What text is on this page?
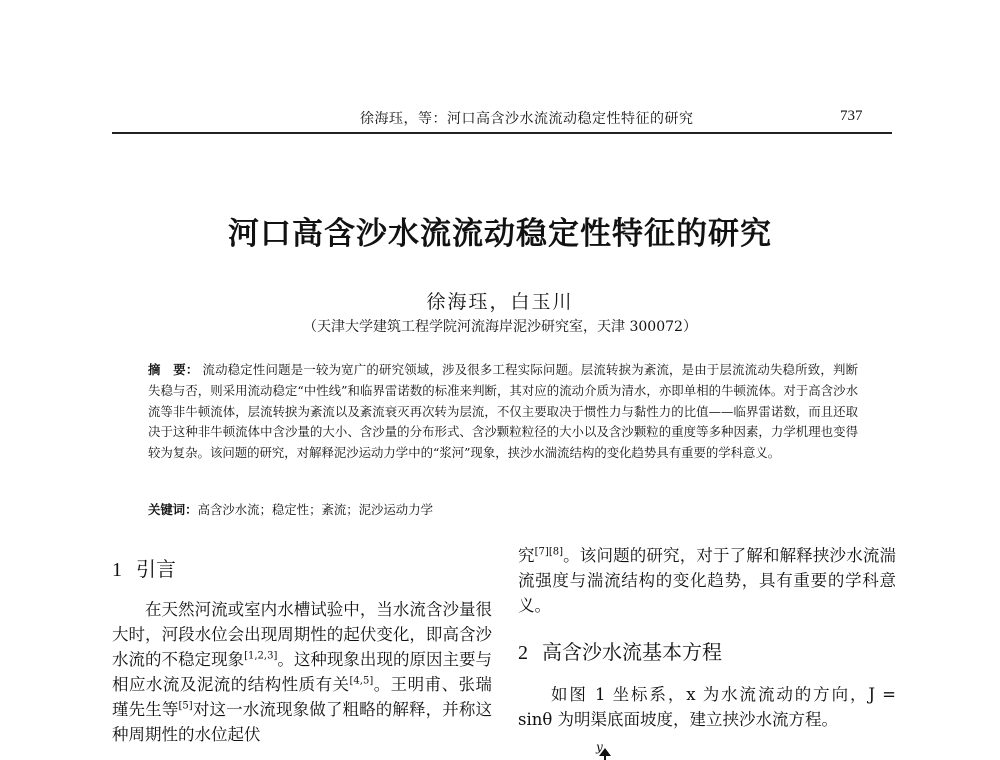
徐海珏，等：河口高含沙水流流动稳定性特征的研究	737
河口高含沙水流流动稳定性特征的研究
徐海珏，白玉川
（天津大学建筑工程学院河流海岸泥沙研究室，天津 300072）
摘　要： 流动稳定性问题是一较为宽广的研究领域，涉及很多工程实际问题。层流转捩为紊流，是由于层流流动失稳所致，判断失稳与否，则采用流动稳定“中性线”和临界雷诺数的标准来判断，其对应的流动介质为清水，亦即单相的牛顿流体。对于高含沙水流等非牛顿流体，层流转捩为紊流以及紊流衰灭再次转为层流，不仅主要取决于惯性力与黏性力的比值——临界雷诺数，而且还取决于这种非牛顿流体中含沙量的大小、含沙量的分布形式、含沙颗粒粒径的大小以及含沙颗粒的重度等多种因素，力学机理也变得较为复杂。该问题的研究，对解释泥沙运动力学中的“浆河”现象，挟沙水湍流结构的变化趋势具有重要的学科意义。
关键词：高含沙水流；稳定性；紊流；泥沙运动力学
1 引言
在天然河流或室内水槽试验中，当水流含沙量很大时，河段水位会出现周期性的起伏变化，即高含沙水流的不稳定现象[1,2,3]。这种现象出现的原因主要与相应水流及泥流的结构性质有关[4,5]。王明甫、张瑞瑾先生等[5]对这一水流现象做了粗略的解释，并称这种周期性的水位起伏
究[7][8]。该问题的研究，对于了解和解释挟沙水流湍流强度与湍流结构的变化趋势，具有重要的学科意义。
2 高含沙水流基本方程
如图 1 坐标系，x 为水流流动的方向，J = sinθ 为明渠底面坡度，建立挟沙水流方程。
y
